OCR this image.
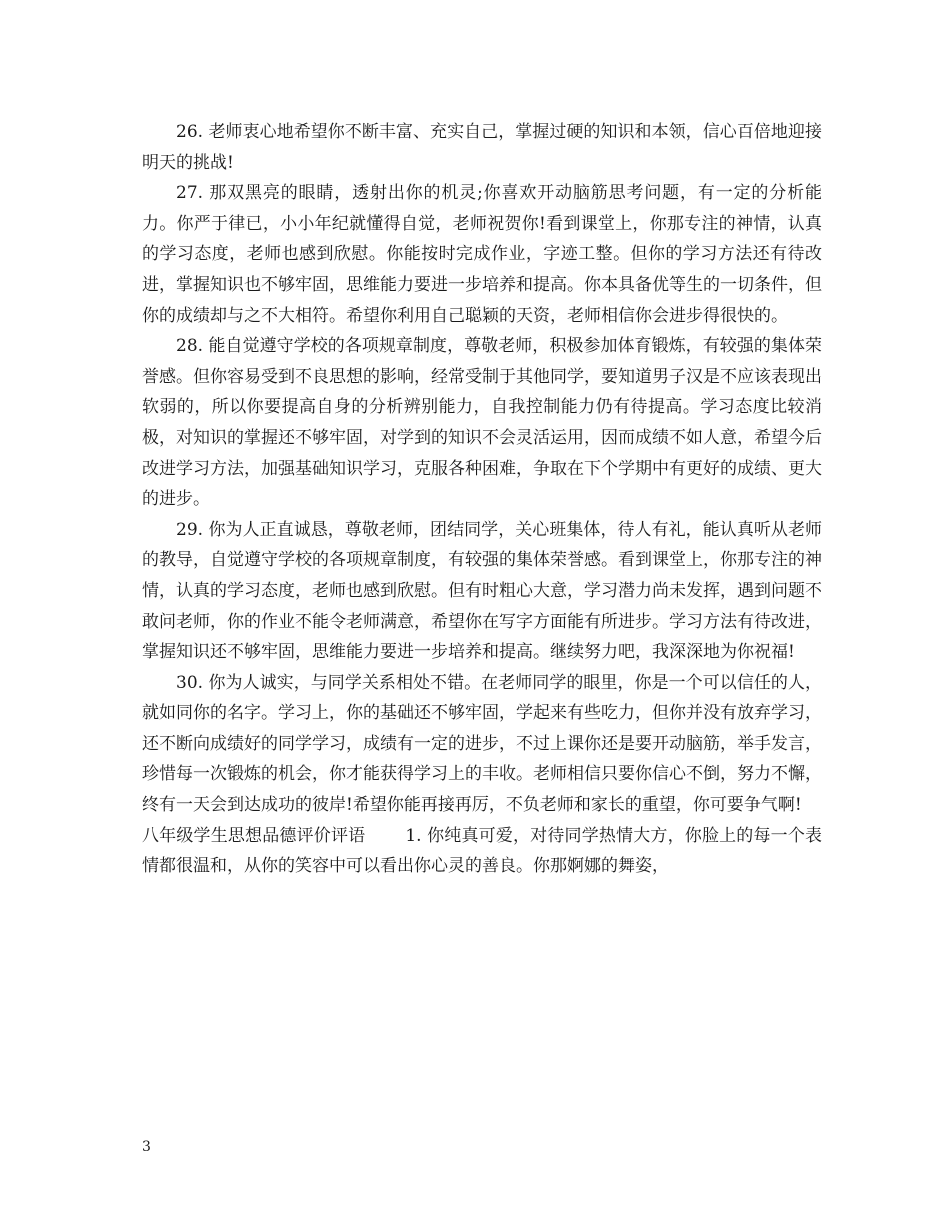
26. 老师衷心地希望你不断丰富、充实自己，掌握过硬的知识和本领，信心百倍地迎接明天的挑战!

27. 那双黑亮的眼睛，透射出你的机灵;你喜欢开动脑筋思考问题，有一定的分析能力。你严于律已，小小年纪就懂得自觉，老师祝贺你!看到课堂上，你那专注的神情，认真的学习态度，老师也感到欣慰。你能按时完成作业，字迹工整。但你的学习方法还有待改进，掌握知识也不够牢固，思维能力要进一步培养和提高。你本具备优等生的一切条件，但你的成绩却与之不大相符。希望你利用自己聪颖的天资，老师相信你会进步得很快的。

28. 能自觉遵守学校的各项规章制度，尊敬老师，积极参加体育锻炼，有较强的集体荣誉感。但你容易受到不良思想的影响，经常受制于其他同学，要知道男子汉是不应该表现出软弱的，所以你要提高自身的分析辨别能力，自我控制能力仍有待提高。学习态度比较消极，对知识的掌握还不够牢固，对学到的知识不会灵活运用，因而成绩不如人意，希望今后改进学习方法，加强基础知识学习，克服各种困难，争取在下个学期中有更好的成绩、更大的进步。

29. 你为人正直诚恳，尊敬老师，团结同学，关心班集体，待人有礼，能认真听从老师的教导，自觉遵守学校的各项规章制度，有较强的集体荣誉感。看到课堂上，你那专注的神情，认真的学习态度，老师也感到欣慰。但有时粗心大意，学习潜力尚未发挥，遇到问题不敢问老师，你的作业不能令老师满意，希望你在写字方面能有所进步。学习方法有待改进，掌握知识还不够牢固，思维能力要进一步培养和提高。继续努力吧，我深深地为你祝福!

30. 你为人诚实，与同学关系相处不错。在老师同学的眼里，你是一个可以信任的人，就如同你的名字。学习上，你的基础还不够牢固，学起来有些吃力，但你并没有放弃学习，还不断向成绩好的同学学习，成绩有一定的进步，不过上课你还是要开动脑筋，举手发言，珍惜每一次锻炼的机会，你才能获得学习上的丰收。老师相信只要你信心不倒，努力不懈，终有一天会到达成功的彼岸!希望你能再接再厉，不负老师和家长的重望，你可要争气啊!

八年级学生思想品德评价评语 1. 你纯真可爱，对待同学热情大方，你脸上的每一个表情都很温和，从你的笑容中可以看出你心灵的善良。你那婀娜的舞姿，

3
